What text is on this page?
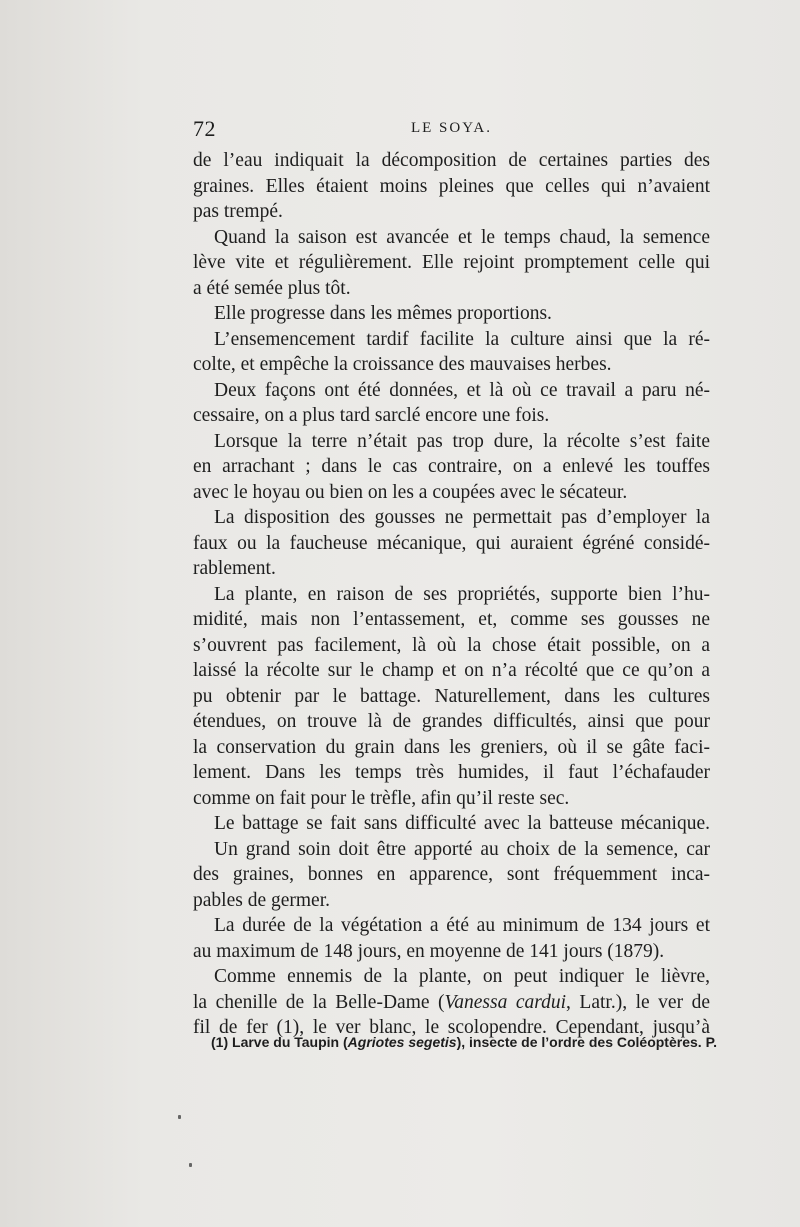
72	LE SOYA.
de l’eau indiquait la décomposition de certaines parties des
graines. Elles étaient moins pleines que celles qui n’avaient
pas trempé.
Quand la saison est avancée et le temps chaud, la semence
lève vite et régulièrement. Elle rejoint promptement celle qui
a été semée plus tôt.
Elle progresse dans les mêmes proportions.
L’ensemencement tardif facilite la culture ainsi que la ré-
colte, et empêche la croissance des mauvaises herbes.
Deux façons ont été données, et là où ce travail a paru né-
cessaire, on a plus tard sarclé encore une fois.
Lorsque la terre n’était pas trop dure, la récolte s’est faite
en arrachant ; dans le cas contraire, on a enlevé les touffes
avec le hoyau ou bien on les a coupées avec le sécateur.
La disposition des gousses ne permettait pas d’employer la
faux ou la faucheuse mécanique, qui auraient égréné considé-
rablement.
La plante, en raison de ses propriétés, supporte bien l’hu-
midité, mais non l’entassement, et, comme ses gousses ne
s’ouvrent pas facilement, là où la chose était possible, on a
laissé la récolte sur le champ et on n’a récolté que ce qu’on a
pu obtenir par le battage. Naturellement, dans les cultures
étendues, on trouve là de grandes difficultés, ainsi que pour
la conservation du grain dans les greniers, où il se gâte faci-
lement. Dans les temps très humides, il faut l’échafauder
comme on fait pour le trèfle, afin qu’il reste sec.
Le battage se fait sans difficulté avec la batteuse mécanique.
Un grand soin doit être apporté au choix de la semence, car
des graines, bonnes en apparence, sont fréquemment inca-
pables de germer.
La durée de la végétation a été au minimum de 134 jours et
au maximum de 148 jours, en moyenne de 141 jours (1879).
Comme ennemis de la plante, on peut indiquer le lièvre,
la chenille de la Belle-Dame (Vanessa cardui, Latr.), le ver de
fil de fer (1), le ver blanc, le scolopendre. Cependant, jusqu’à
(1) Larve du Taupin (Agriotes segetis), insecte de l’ordre des Coléoptères. P.
